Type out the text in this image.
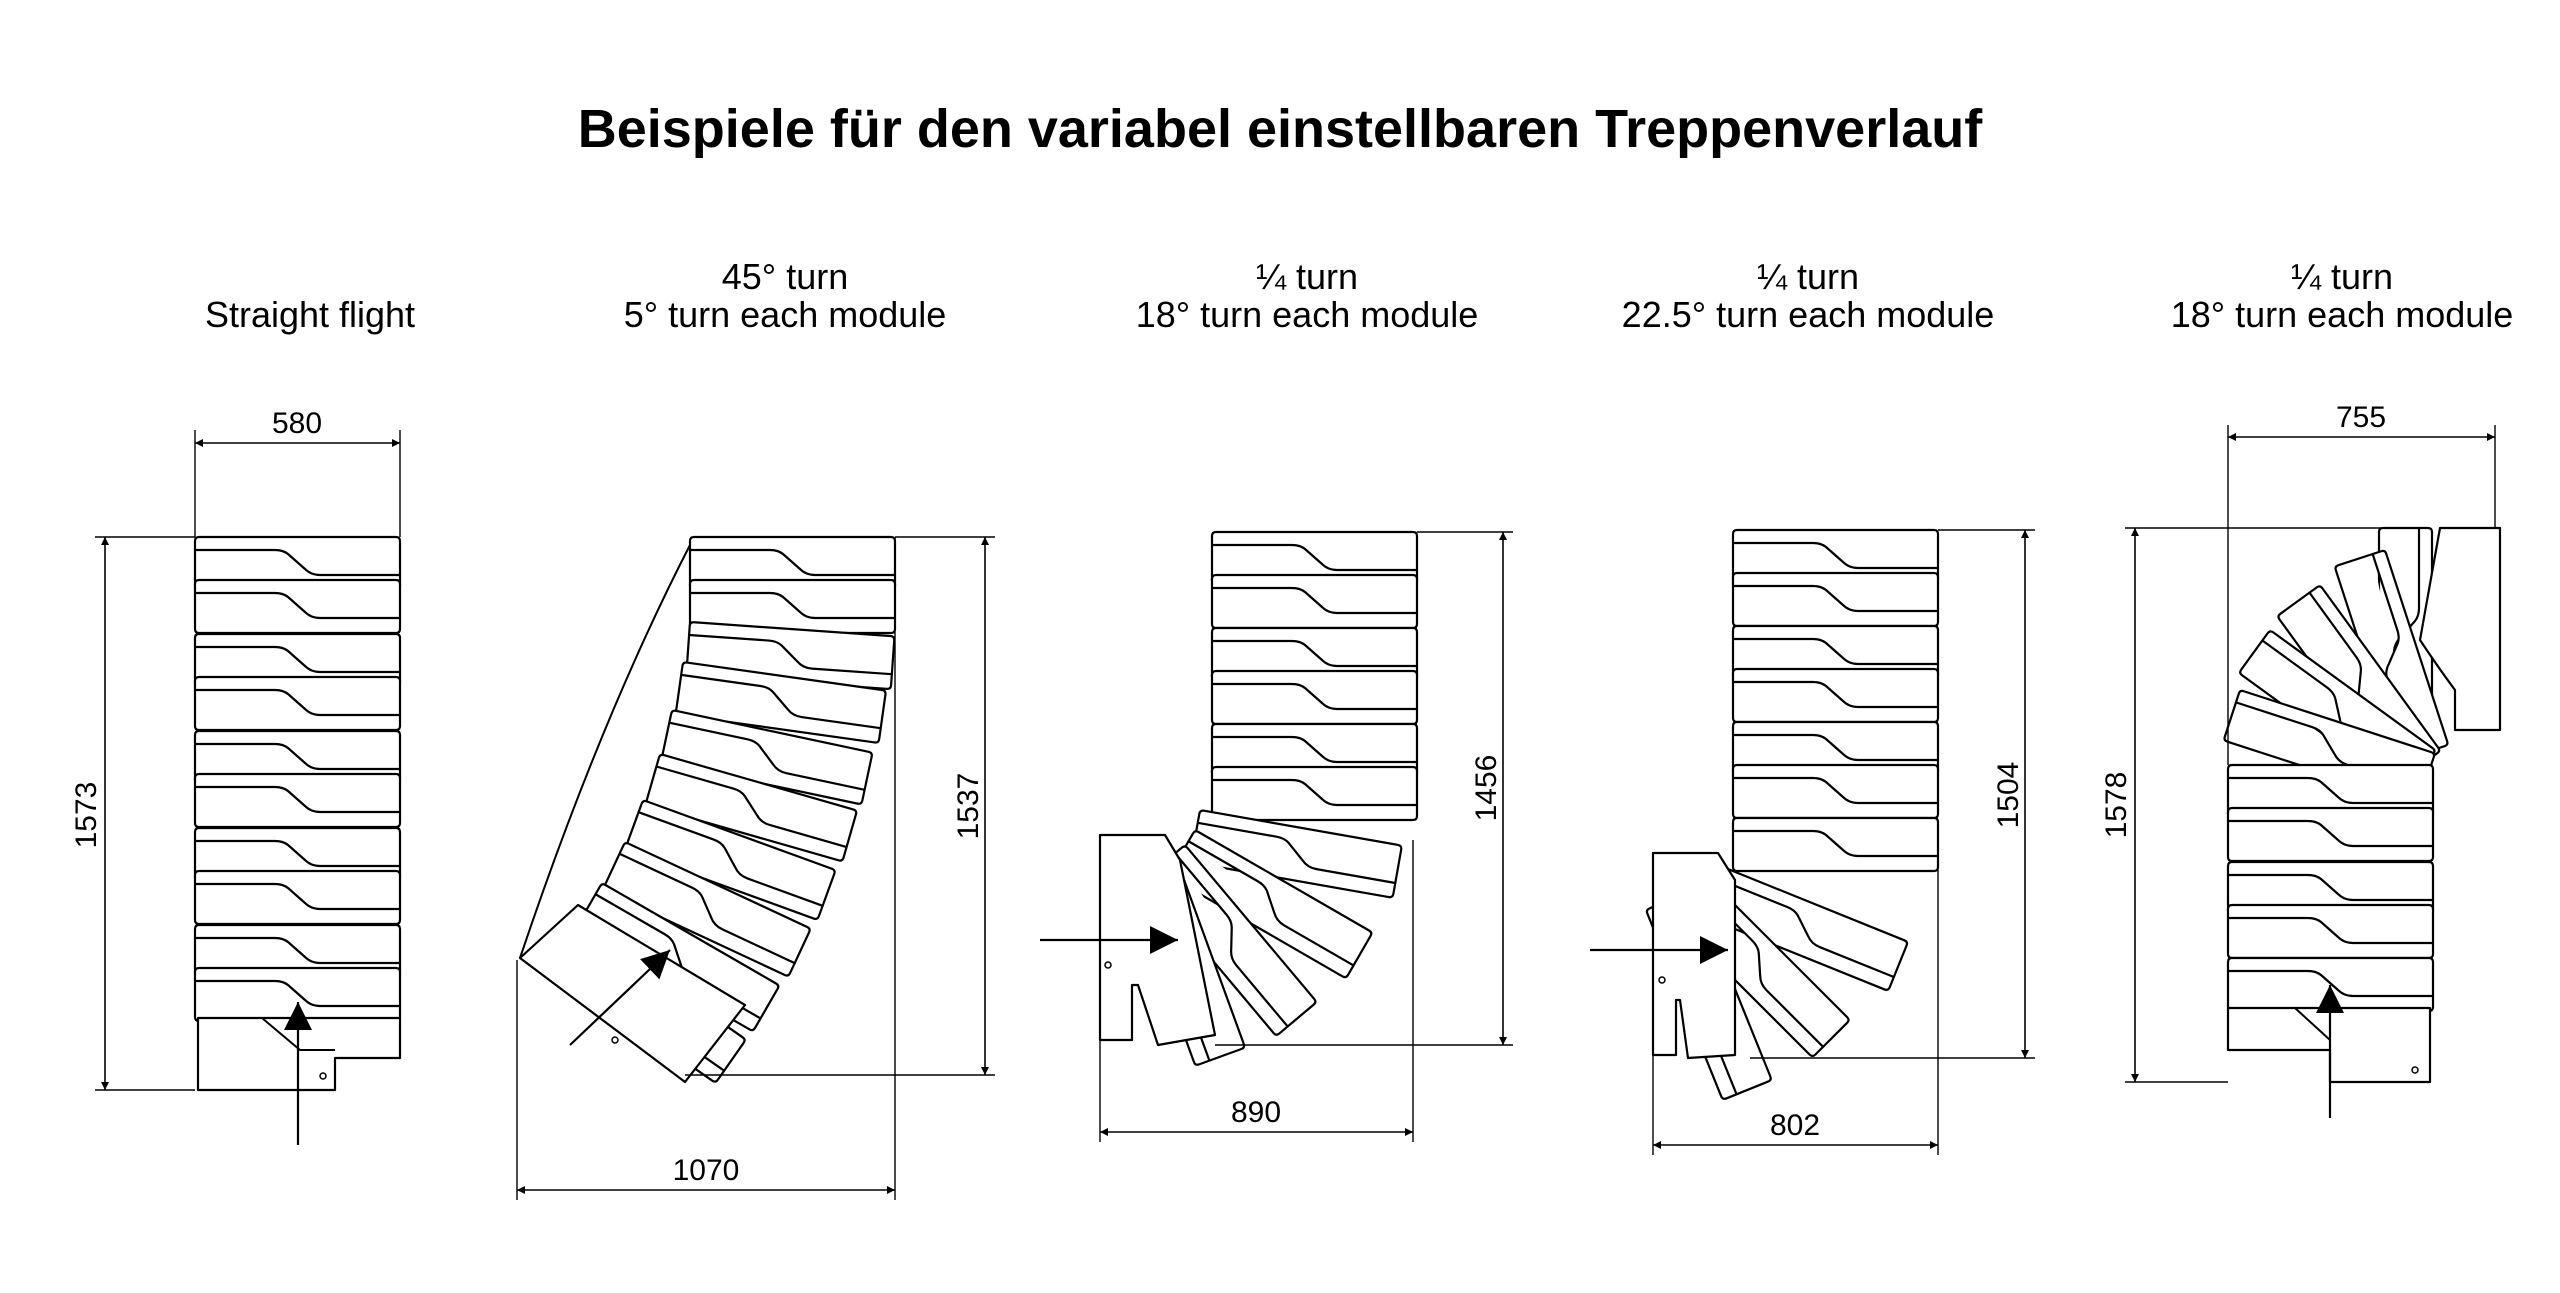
Beispiele für den variabel einstellbaren Treppenverlauf

Straight flight
45° turn
5° turn each module
¼ turn
18° turn each module
¼ turn
22.5° turn each module
¼ turn
18° turn each module
580
1573
1070
1537
890
1456
802
1504
755
1578
